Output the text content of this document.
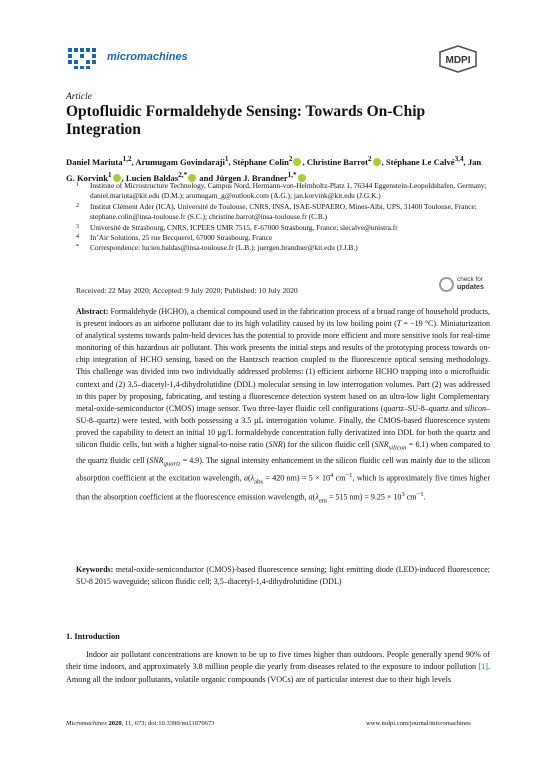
micromachines	MDPI
Article
Optofluidic Formaldehyde Sensing: Towards On-Chip Integration
Daniel Mariuta$^{1,2}$, Arumugam Govindaraji$^1$, Stéphane Colin$^2$ , Christine Barrot$^2$ , Stéphane Le Calvé$^{3,4}$, Jan G. Korvink$^1$ , Lucien Baldas$^{2,*}$ and Jürgen J. Brandner$^{1,*}$
1 Institute of Microstructure Technology, Campus Nord, Hermann-von-Helmholtz-Platz 1, 76344 Eggenstein-Leopoldshafen, Germany; daniel.mariuta@kit.edu (D.M.); arumugam_g@outlook.com (A.G.); jan.korvink@kit.edu (J.G.K.)
2 Institut Clément Ader (ICA), Université de Toulouse, CNRS, INSA, ISAE-SUPAERO, Mines-Albi, UPS, 31400 Toulouse, France; stephane.colin@insa-toulouse.fr (S.C.); christine.barrot@insa-toulouse.fr (C.B.)
3 Université de Strasbourg, CNRS, ICPEES UMR 7515, F-67000 Strasbourg, France; slecalve@unistra.fr
4 In’Air Solutions, 25 rue Becquerel, 67000 Strasbourg, France
* Correspondence: lucien.baldas@insa-toulouse.fr (L.B.); juergen.brandner@kit.edu (J.J.B.)
check for
updates
Received: 22 May 2020; Accepted: 9 July 2020; Published: 10 July 2020

Abstract: Formaldehyde (HCHO), a chemical compound used in the fabrication process of a broad range of household products, is present indoors as an airborne pollutant due to its high volatility caused by its low boiling point (T = −19 °C). Miniaturization of analytical systems towards palm-held devices has the potential to provide more efficient and more sensitive tools for real-time monitoring of this hazardous air pollutant. This work presents the initial steps and results of the prototyping process towards on-chip integration of HCHO sensing, based on the Hantzsch reaction coupled to the fluorescence optical sensing methodology. This challenge was divided into two individually addressed problems: (1) efficient airborne HCHO trapping into a microfluidic context and (2) 3,5–diacetyl-1,4-dihydrolutidine (DDL) molecular sensing in low interrogation volumes. Part (2) was addressed in this paper by proposing, fabricating, and testing a fluorescence detection system based on an ultra-low light Complementary metal-oxide-semiconductor (CMOS) image sensor. Two three-layer fluidic cell configurations (quartz–SU-8–quartz and silicon–SU-8–quartz) were tested, with both possessing a 3.5 µL interrogation volume. Finally, the CMOS-based fluorescence system proved the capability to detect an initial 10 µg/L formaldehyde concentration fully derivatized into DDL for both the quartz and silicon fluidic cells, but with a higher signal-to-noise ratio (SNR) for the silicon fluidic cell $(SNR_{silicon} = 6.1)$ when compared to the quartz fluidic cell $(SNR_{quartz} = 4.9)$. The signal intensity enhancement in the silicon fluidic cell was mainly due to the silicon absorption coefficient at the excitation wavelength, $a(\lambda_{abs} = 420$ $nm) = 5 \times 10^4$ $cm^{-1}$, which is approximately five times higher than the absorption coefficient at the fluorescence emission wavelength, $a(\lambda_{em} = 515$ $nm) = 9.25 \times 10^3$ $cm^{-1}$.

Keywords: metal-oxide-semiconductor (CMOS)-based fluorescence sensing; light emitting diode (LED)-induced fluorescence; SU-8 2015 waveguide; silicon fluidic cell; 3,5–diacetyl-1,4-dihydrolutidine (DDL)

1. Introduction

Indoor air pollutant concentrations are known to be up to five times higher than outdoors. People generally spend 90% of their time indoors, and approximately 3.8 million people die yearly from diseases related to the exposure to indoor pollution [1]. Among all the indoor pollutants, volatile organic compounds (VOCs) are of particular interest due to their high levels

Micromachines 2020, 11, 673; doi:10.3390/mi11070673	www.mdpi.com/journal/micromachines
